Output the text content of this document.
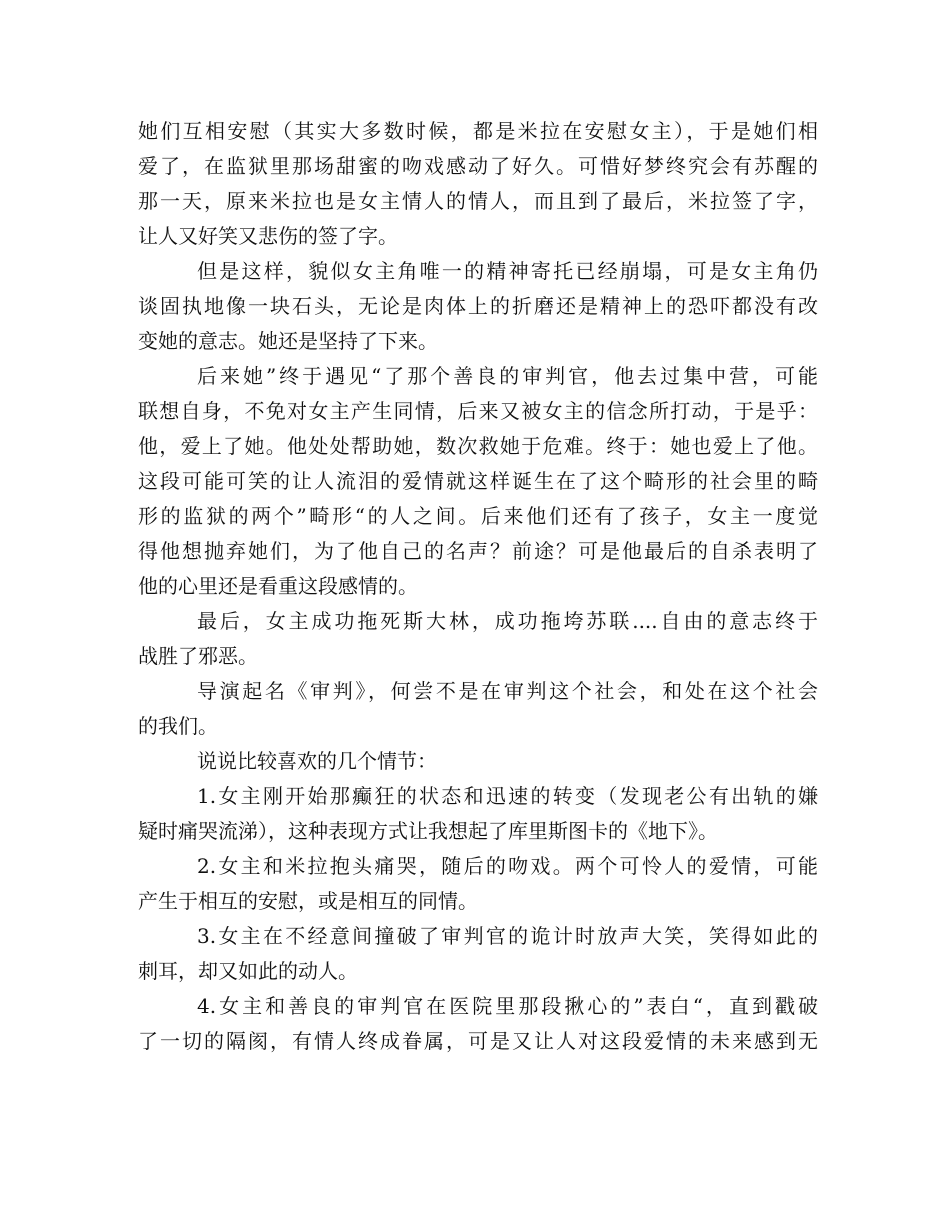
她们互相安慰（其实大多数时候，都是米拉在安慰女主），于是她们相
爱了，在监狱里那场甜蜜的吻戏感动了好久。可惜好梦终究会有苏醒的
那一天，原来米拉也是女主情人的情人，而且到了最后，米拉签了字，
让人又好笑又悲伤的签了字。
但是这样，貌似女主角唯一的精神寄托已经崩塌，可是女主角仍
谈固执地像一块石头，无论是肉体上的折磨还是精神上的恐吓都没有改
变她的意志。她还是坚持了下来。
后来她”终于遇见“了那个善良的审判官，他去过集中营，可能
联想自身，不免对女主产生同情，后来又被女主的信念所打动，于是乎：
他，爱上了她。他处处帮助她，数次救她于危难。终于：她也爱上了他。
这段可能可笑的让人流泪的爱情就这样诞生在了这个畸形的社会里的畸
形的监狱的两个”畸形“的人之间。后来他们还有了孩子，女主一度觉
得他想抛弃她们，为了他自己的名声？前途？可是他最后的自杀表明了
他的心里还是看重这段感情的。
最后，女主成功拖死斯大林，成功拖垮苏联....自由的意志终于
战胜了邪恶。
导演起名《审判》，何尝不是在审判这个社会，和处在这个社会
的我们。
说说比较喜欢的几个情节：
1.女主刚开始那癫狂的状态和迅速的转变（发现老公有出轨的嫌
疑时痛哭流涕），这种表现方式让我想起了库里斯图卡的《地下》。
2.女主和米拉抱头痛哭，随后的吻戏。两个可怜人的爱情，可能
产生于相互的安慰，或是相互的同情。
3.女主在不经意间撞破了审判官的诡计时放声大笑，笑得如此的
刺耳，却又如此的动人。
4.女主和善良的审判官在医院里那段揪心的”表白“，直到戳破
了一切的隔阂，有情人终成眷属，可是又让人对这段爱情的未来感到无
